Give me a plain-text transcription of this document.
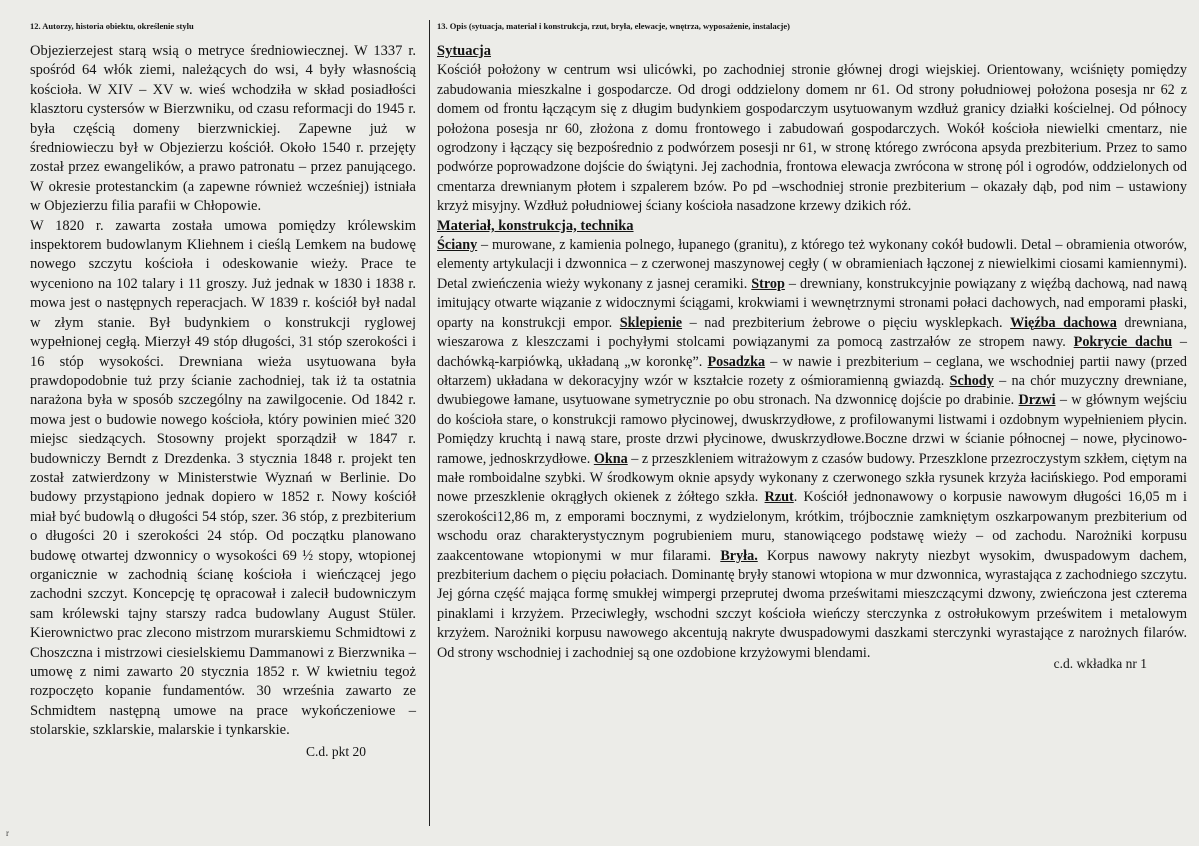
12. Autorzy, historia obiektu, określenie stylu

Objezierzejest starą wsią o metryce średniowiecznej. W 1337 r. spośród 64 włók ziemi, należących do wsi, 4 były własnością kościoła. W XIV – XV w. wieś wchodziła w skład posiadłości klasztoru cystersów w Bierzwniku, od czasu reformacji do 1945 r. była częścią domeny bierzwnickiej. Zapewne już w średniowieczu był w Objezierzu kościół. Około 1540 r. przejęty został przez ewangelików, a prawo patronatu – przez panującego. W okresie protestanckim (a zapewne również wcześniej) istniała w Objezierzu filia parafii w Chłopowie.

W 1820 r. zawarta została umowa pomiędzy królewskim inspektorem budowlanym Kliehnem i cieślą Lemkem na budowę nowego szczytu kościoła i odeskowanie wieży. Prace te wyceniono na 102 talary i 11 groszy. Już jednak w 1830 i 1838 r. mowa jest o następnych reperacjach. W 1839 r. kościół był nadal w złym stanie. Był budynkiem o konstrukcji ryglowej wypełnionej cegłą. Mierzył 49 stóp długości, 31 stóp szerokości i 16 stóp wysokości. Drewniana wieża usytuowana była prawdopodobnie tuż przy ścianie zachodniej, tak iż ta ostatnia narażona była w sposób szczególny na zawilgocenie. Od 1842 r. mowa jest o budowie nowego kościoła, który powinien mieć 320 miejsc siedzących. Stosowny projekt sporządził w 1847 r. budowniczy Berndt z Drezdenka. 3 stycznia 1848 r. projekt ten został zatwierdzony w Ministerstwie Wyznań w Berlinie. Do budowy przystąpiono jednak dopiero w 1852 r. Nowy kościół miał być budowlą o długości 54 stóp, szer. 36 stóp, z prezbiterium o długości 20 i szerokości 24 stóp. Od początku planowano budowę otwartej dzwonnicy o wysokości 69 ½ stopy, wtopionej organicznie w zachodnią ścianę kościoła i wieńczącej jego zachodni szczyt. Koncepcję tę opracował i zalecił budowniczym sam królewski tajny starszy radca budowlany August Stüler. Kierownictwo prac zlecono mistrzom murarskiemu Schmidtowi z Choszczna i mistrzowi ciesielskiemu Dammanowi z Bierzwnika – umowę z nimi zawarto 20 stycznia 1852 r. W kwietniu tegoż rozpoczęto kopanie fundamentów. 30 września zawarto ze Schmidtem następną umowe na prace wykończeniowe – stolarskie, szklarskie, malarskie i tynkarskie.

C.d. pkt 20
13. Opis (sytuacja, materiał i konstrukcja, rzut, bryła, elewacje, wnętrza, wyposażenie, instalacje)
Sytuacja
Kościół położony w centrum wsi ulicówki, po zachodniej stronie głównej drogi wiejskiej. Orientowany, wciśnięty pomiędzy zabudowania mieszkalne i gospodarcze. Od drogi oddzielony domem nr 61. Od strony południowej położona posesja nr 62 z domem od frontu łączącym się z długim budynkiem gospodarczym usytuowanym wzdłuż granicy działki kościelnej. Od północy położona posesja nr 60, złożona z domu frontowego i zabudowań gospodarczych. Wokół kościoła niewielki cmentarz, nie ogrodzony i łączący się bezpośrednio z podwórzem posesji nr 61, w stronę którego zwrócona apsyda prezbiterium. Przez to samo podwórze poprowadzone dojście do świątyni. Jej zachodnia, frontowa elewacja zwrócona w stronę pól i ogrodów, oddzielonych od cmentarza drewnianym płotem i szpalerem bzów. Po pd –wschodniej stronie prezbiterium – okazały dąb, pod nim – ustawiony krzyż misyjny. Wzdłuż południowej ściany kościoła nasadzone krzewy dzikich róż.
Materiał, konstrukcja, technika

Ściany – murowane, z kamienia polnego, łupanego (granitu), z którego też wykonany cokół budowli. Detal – obramienia otworów, elementy artykulacji i dzwonnica – z czerwonej maszynowej cegły ( w obramieniach łączonej z niewielkimi ciosami kamiennymi). Detal zwieńczenia wieży wykonany z jasnej ceramiki. Strop – drewniany, konstrukcyjnie powiązany z więźbą dachową, nad nawą imitujący otwarte wiązanie z widocznymi ściągami, krokwiami i wewnętrznymi stronami połaci dachowych, nad emporami płaski, oparty na konstrukcji empor. Sklepienie – nad prezbiterium żebrowe o pięciu wysklepkach. Więźba dachowa drewniana, wieszarowa z kleszczami i pochyłymi stolcami powiązanymi za pomocą zastrzałów ze stropem nawy. Pokrycie dachu – dachówką-karpiówką, układaną „w koronkę”. Posadzka – w nawie i prezbiterium – ceglana, we wschodniej partii nawy (przed ołtarzem) układana w dekoracyjny wzór w kształcie rozety z ośmioramienną gwiazdą. Schody – na chór muzyczny drewniane, dwubiegowe łamane, usytuowane symetrycznie po obu stronach. Na dzwonnicę dojście po drabinie. Drzwi – w głównym wejściu do kościoła stare, o konstrukcji ramowo płycinowej, dwuskrzydłowe, z profilowanymi listwami i ozdobnym wypełnieniem płycin. Pomiędzy kruchtą i nawą stare, proste drzwi płycinowe, dwuskrzydłowe.Boczne drzwi w ścianie północnej – nowe, płycinowo-ramowe, jednoskrzydłowe. Okna – z przeszkleniem witrażowym z czasów budowy. Przeszklone przezroczystym szkłem, ciętym na małe romboidalne szybki. W środkowym oknie apsydy wykonany z czerwonego szkła rysunek krzyża łacińskiego. Pod emporami nowe przeszklenie okrągłych okienek z żółtego szkła. Rzut. Kościół jednonawowy o korpusie nawowym długości 16,05 m i szerokości12,86 m, z emporami bocznymi, z wydzielonym, krótkim, trójbocznie zamkniętym oszkarpowanym prezbiterium od wschodu oraz charakterystycznym pogrubieniem muru, stanowiącego podstawę wieży – od zachodu. Narożniki korpusu zaakcentowane wtopionymi w mur filarami. Bryła. Korpus nawowy nakryty niezbyt wysokim, dwuspadowym dachem, prezbiterium dachem o pięciu połaciach. Dominantę bryły stanowi wtopiona w mur dzwonnica, wyrastająca z zachodniego szczytu. Jej górna część mająca formę smukłej wimpergi przeprutej dwoma prześwitami mieszczącymi dzwony, zwieńczona jest czterema pinaklami i krzyżem. Przeciwległy, wschodni szczyt kościoła wieńczy sterczynka z ostrołukowym prześwitem i metalowym krzyżem. Narożniki korpusu nawowego akcentują nakryte dwuspadowymi daszkami sterczynki wyrastające z narożnych filarów. Od strony wschodniej i zachodniej są one ozdobione krzyżowymi blendami.

c.d. wkładka nr 1
r
